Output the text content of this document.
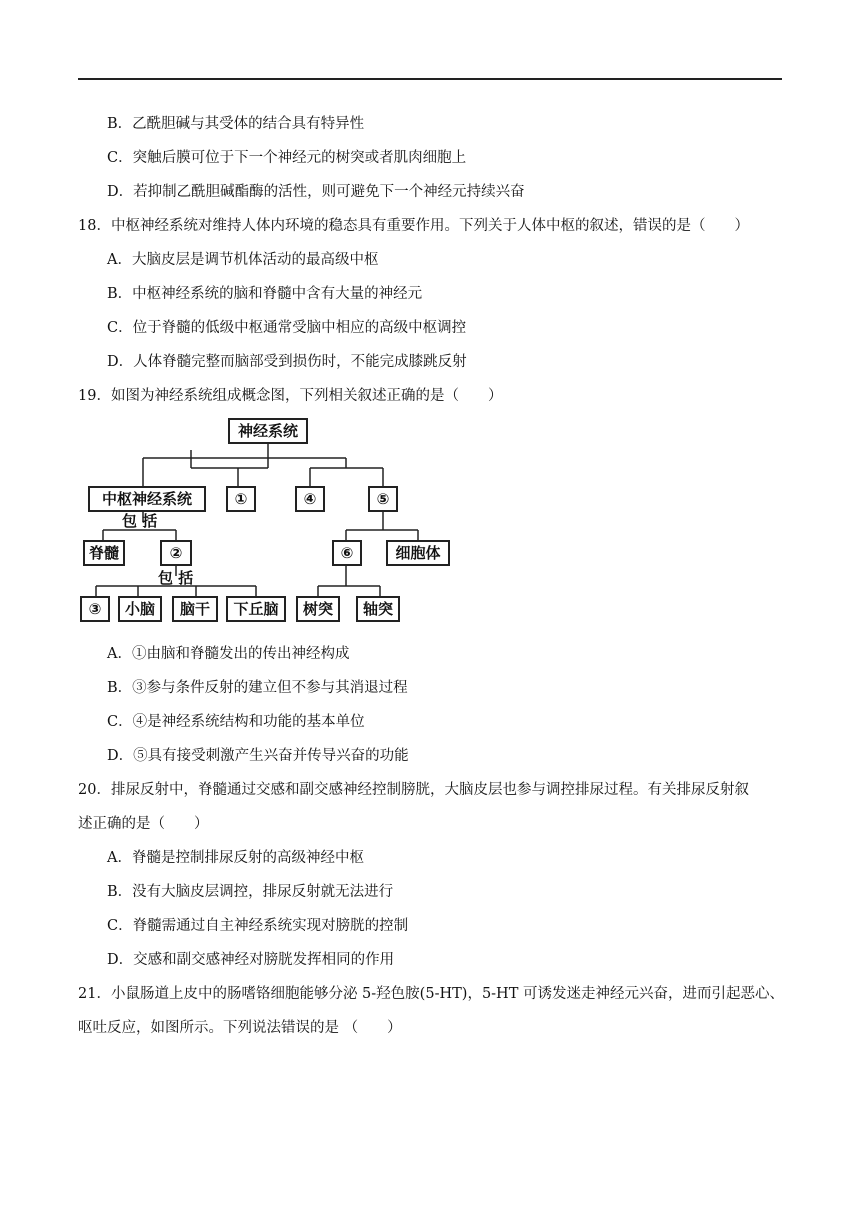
B．乙酰胆碱与其受体的结合具有特异性
C．突触后膜可位于下一个神经元的树突或者肌肉细胞上
D．若抑制乙酰胆碱酯酶的活性，则可避免下一个神经元持续兴奋
18．中枢神经系统对维持人体内环境的稳态具有重要作用。下列关于人体中枢的叙述，错误的是（　　）
A．大脑皮层是调节机体活动的最高级中枢
B．中枢神经系统的脑和脊髓中含有大量的神经元
C．位于脊髓的低级中枢通常受脑中相应的高级中枢调控
D．人体脊髓完整而脑部受到损伤时，不能完成膝跳反射
19．如图为神经系统组成概念图，下列相关叙述正确的是（　　）
神经系统
中枢神经系统	①	④	⑤
包 括
脊髓	②	⑥	细胞体
包 括
③	小脑	脑干	下丘脑	树突	轴突
A．①由脑和脊髓发出的传出神经构成
B．③参与条件反射的建立但不参与其消退过程
C．④是神经系统结构和功能的基本单位
D．⑤具有接受刺激产生兴奋并传导兴奋的功能
20．排尿反射中，脊髓通过交感和副交感神经控制膀胱，大脑皮层也参与调控排尿过程。有关排尿反射叙
述正确的是（　　）
A．脊髓是控制排尿反射的高级神经中枢
B．没有大脑皮层调控，排尿反射就无法进行
C．脊髓需通过自主神经系统实现对膀胱的控制
D．交感和副交感神经对膀胱发挥相同的作用
21．小鼠肠道上皮中的肠嗜铬细胞能够分泌 5-羟色胺(5-HT)，5-HT 可诱发迷走神经元兴奋，进而引起恶心、
呕吐反应，如图所示。下列说法错误的是 （　　）
